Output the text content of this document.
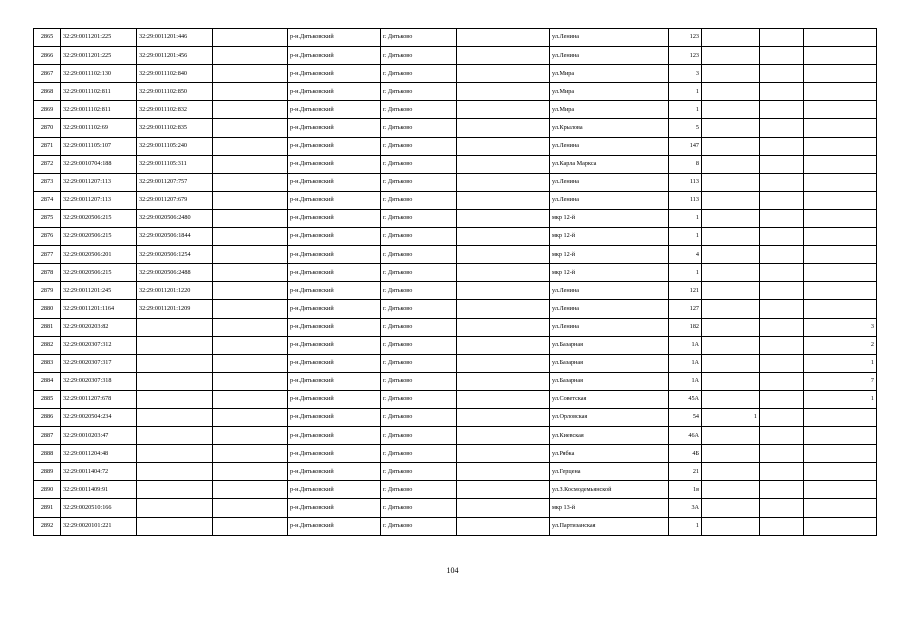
2865	32:29:0011201:225	32:29:0011201:446		р-н.Дятьковский	г. Дятьково		ул.Ленина	123			
2866	32:29:0011201:225	32:29:0011201:456		р-н.Дятьковский	г. Дятьково		ул.Ленина	123			
2867	32:29:0011102:130	32:29:0011102:840		р-н.Дятьковский	г. Дятьково		ул.Мира	3			
2868	32:29:0011102:811	32:29:0011102:850		р-н.Дятьковский	г. Дятьково		ул.Мира	1			
2869	32:29:0011102:811	32:29:0011102:832		р-н.Дятьковский	г. Дятьково		ул.Мира	1			
2870	32:29:0011102:69	32:29:0011102:835		р-н.Дятьковский	г. Дятьково		ул.Крылова	5			
2871	32:29:0011105:107	32:29:0011105:240		р-н.Дятьковский	г. Дятьково		ул.Ленина	147			
2872	32:29:0010704:188	32:29:0011105:311		р-н.Дятьковский	г. Дятьково		ул.Карла Маркса	8			
2873	32:29:0011207:113	32:29:0011207:757		р-н.Дятьковский	г. Дятьково		ул.Ленина	113			
2874	32:29:0011207:113	32:29:0011207:679		р-н.Дятьковский	г. Дятьково		ул.Ленина	113			
2875	32:29:0020506:215	32:29:0020506:2480		р-н.Дятьковский	г. Дятьково		мкр 12-й	1			
2876	32:29:0020506:215	32:29:0020506:1844		р-н.Дятьковский	г. Дятьково		мкр 12-й	1			
2877	32:29:0020506:201	32:29:0020506:1254		р-н.Дятьковский	г. Дятьково		мкр 12-й	4			
2878	32:29:0020506:215	32:29:0020506:2488		р-н.Дятьковский	г. Дятьково		мкр 12-й	1			
2879	32:29:0011201:245	32:29:0011201:1220		р-н.Дятьковский	г. Дятьково		ул.Ленина	121			
2880	32:29:0011201:1164	32:29:0011201:1209		р-н.Дятьковский	г. Дятьково		ул.Ленина	127			
2881	32:29:0020203:82			р-н.Дятьковский	г. Дятьково		ул.Ленина	182			3
2882	32:29:0020307:312			р-н.Дятьковский	г. Дятьково		ул.Базарная	1А			2
2883	32:29:0020307:317			р-н.Дятьковский	г. Дятьково		ул.Базарная	1А			1
2884	32:29:0020307:318			р-н.Дятьковский	г. Дятьково		ул.Базарная	1А			7
2885	32:29:0011207:678			р-н.Дятьковский	г. Дятьково		ул.Советская	45А			1
2886	32:29:0020504:234			р-н.Дятьковский	г. Дятьково		ул.Орловская	54	1		
2887	32:29:0010203:47			р-н.Дятьковский	г. Дятьково		ул.Киевская	46А			
2888	32:29:0011204:48			р-н.Дятьковский	г. Дятьково		ул.Рябка	4Б			
2889	32:29:0011404:72			р-н.Дятьковский	г. Дятьково		ул.Герцена	21			
2890	32:29:0011409:91			р-н.Дятьковский	г. Дятьково		ул.З.Космодемьянской	1в			
2891	32:29:0020510:166			р-н.Дятьковский	г. Дятьково		мкр 13-й	3А			
2892	32:29:0020101:221			р-н.Дятьковский	г. Дятьково		ул.Партизанская	1			
104
